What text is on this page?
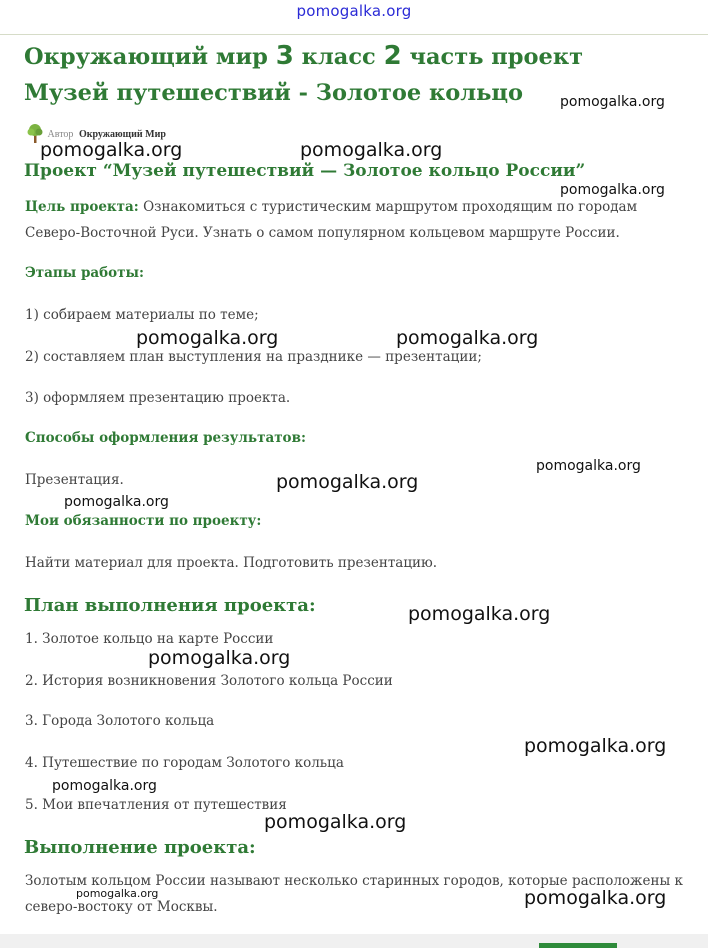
pomogalka.org
Окружающий мир 3 класс 2 часть проект Музей путешествий - Золотое кольцо
Автор Окружающий Мир
Проект “Музей путешествий — Золотое кольцо России”
Цель проекта: Ознакомиться с туристическим маршрутом проходящим по городам Северо-Восточной Руси. Узнать о самом популярном кольцевом маршруте России.
Этапы работы:
1) собираем материалы по теме;
2) составляем план выступления на празднике — презентации;
3) оформляем презентацию проекта.
Способы оформления результатов:
Презентация.
Мои обязанности по проекту:
Найти материал для проекта. Подготовить презентацию.
План выполнения проекта:
1. Золотое кольцо на карте России
2. История возникновения Золотого кольца России
3. Города Золотого кольца
4. Путешествие по городам Золотого кольца
5. Мои впечатления от путешествия
Выполнение проекта:
Золотым кольцом России называют несколько старинных городов, которые расположены к северо-востоку от Москвы.
pomogalka.org
pomogalka.org	pomogalka.org
pomogalka.org
pomogalka.org	pomogalka.org
pomogalka.org
pomogalka.org
pomogalka.org
pomogalka.org
pomogalka.org
pomogalka.org
pomogalka.org
pomogalka.org
pomogalka.org	pomogalka.org
